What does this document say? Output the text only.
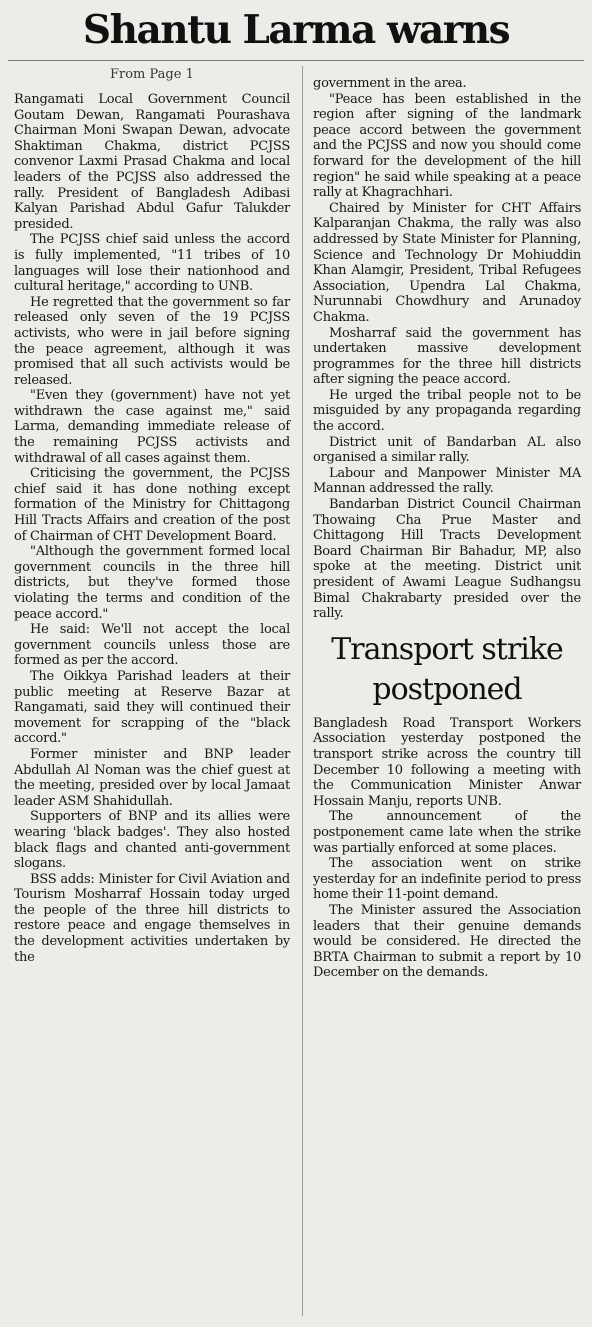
Shantu Larma warns
From Page 1

Rangamati Local Government Council Goutam Dewan, Rangamati Pourashava Chairman Moni Swapan Dewan, advocate Shaktiman Chakma, district PCJSS convenor Laxmi Prasad Chakma and local leaders of the PCJSS also addressed the rally. President of Bangladesh Adibasi Kalyan Parishad Abdul Gafur Talukder presided.

The PCJSS chief said unless the accord is fully implemented, "11 tribes of 10 languages will lose their nationhood and cultural heritage," according to UNB.

He regretted that the government so far released only seven of the 19 PCJSS activists, who were in jail before signing the peace agreement, although it was promised that all such activists would be released.

"Even they (government) have not yet withdrawn the case against me," said Larma, demanding immediate release of the remaining PCJSS activists and withdrawal of all cases against them.

Criticising the government, the PCJSS chief said it has done nothing except formation of the Ministry for Chittagong Hill Tracts Affairs and creation of the post of Chairman of CHT Development Board.

"Although the government formed local government councils in the three hill districts, but they've formed those violating the terms and condition of the peace accord."

He said: We'll not accept the local government councils unless those are formed as per the accord.

The Oikkya Parishad leaders at their public meeting at Reserve Bazar at Rangamati, said they will continued their movement for scrapping of the "black accord."

Former minister and BNP leader Abdullah Al Noman was the chief guest at the meeting, presided over by local Jamaat leader ASM Shahidullah.

Supporters of BNP and its allies were wearing 'black badges'. They also hosted black flags and chanted anti-government slogans.

BSS adds: Minister for Civil Aviation and Tourism Mosharraf Hossain today urged the people of the three hill districts to restore peace and engage themselves in the development activities undertaken by the

government in the area.

"Peace has been established in the region after signing of the landmark peace accord between the government and the PCJSS and now you should come forward for the development of the hill region" he said while speaking at a peace rally at Khagrachhari.

Chaired by Minister for CHT Affairs Kalparanjan Chakma, the rally was also addressed by State Minister for Planning, Science and Technology Dr Mohiuddin Khan Alamgir, President, Tribal Refugees Association, Upendra Lal Chakma, Nurunnabi Chowdhury and Arunadoy Chakma.

Mosharraf said the government has undertaken massive development programmes for the three hill districts after signing the peace accord.

He urged the tribal people not to be misguided by any propaganda regarding the accord.

District unit of Bandarban AL also organised a similar rally.

Labour and Manpower Minister MA Mannan addressed the rally.

Bandarban District Council Chairman Thowaing Cha Prue Master and Chittagong Hill Tracts Development Board Chairman Bir Bahadur, MP, also spoke at the meeting. District unit president of Awami League Sudhangsu Bimal Chakrabarty presided over the rally.

Transport strike postponed

Bangladesh Road Transport Workers Association yesterday postponed the transport strike across the country till December 10 following a meeting with the Communication Minister Anwar Hossain Manju, reports UNB.

The announcement of the postponement came late when the strike was partially enforced at some places.

The association went on strike yesterday for an indefinite period to press home their 11-point demand.

The Minister assured the Association leaders that their genuine demands would be considered. He directed the BRTA Chairman to submit a report by 10 December on the demands.
